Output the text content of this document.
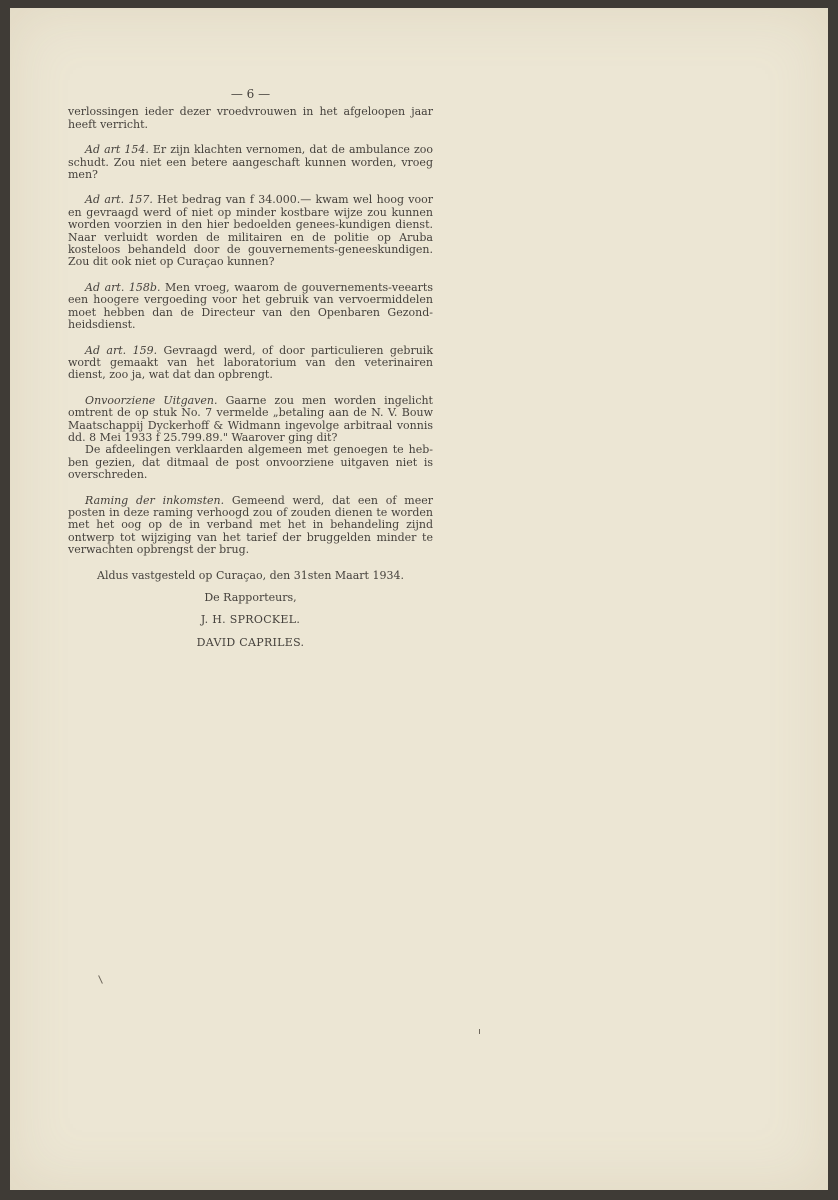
— 6 —

verlossingen ieder dezer vroedvrouwen in het afgeloopen jaar heeft verricht.

Ad art 154. Er zijn klachten vernomen, dat de ambulance zoo schudt. Zou niet een betere aangeschaft kunnen worden, vroeg men?

Ad art. 157. Het bedrag van f 34.000.— kwam wel hoog voor en gevraagd werd of niet op minder kostbare wijze zou kunnen worden voorzien in den hier bedoelden genees-kundigen dienst. Naar verluidt worden de militairen en de politie op Aruba kosteloos behandeld door de gouvernements-geneeskundigen. Zou dit ook niet op Curaçao kunnen?

Ad art. 158b. Men vroeg, waarom de gouvernements-veearts een hoogere vergoeding voor het gebruik van vervoermiddelen moet hebben dan de Directeur van den Openbaren Gezond-heidsdienst.

Ad art. 159. Gevraagd werd, of door particulieren gebruik wordt gemaakt van het laboratorium van den veterinairen dienst, zoo ja, wat dat dan opbrengt.

Onvoorziene Uitgaven. Gaarne zou men worden ingelicht omtrent de op stuk No. 7 vermelde „betaling aan de N. V. Bouw Maatschappij Dyckerhoff & Widmann ingevolge arbitraal vonnis dd. 8 Mei 1933 f 25.799.89." Waarover ging dit?

De afdeelingen verklaarden algemeen met genoegen te heb-ben gezien, dat ditmaal de post onvoorziene uitgaven niet is overschreden.

Raming der inkomsten. Gemeend werd, dat een of meer posten in deze raming verhoogd zou of zouden dienen te worden met het oog op de in verband met het in behandeling zijnd ontwerp tot wijziging van het tarief der bruggelden minder te verwachten opbrengst der brug.

Aldus vastgesteld op Curaçao, den 31sten Maart 1934.
De Rapporteurs,
J. H. SPROCKEL.
DAVID CAPRILES.
